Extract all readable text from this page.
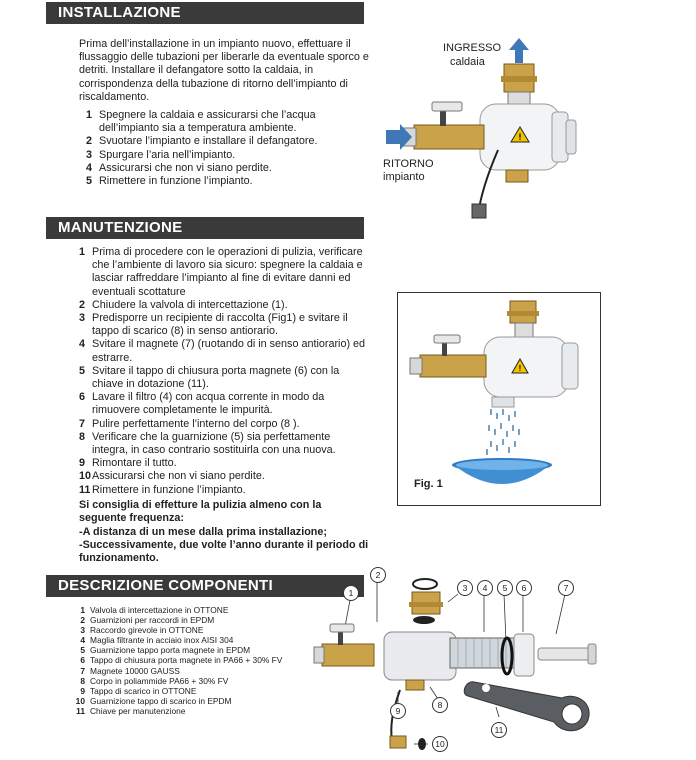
INSTALLAZIONE
Prima dell’installazione in un impianto nuovo, effettuare il flussaggio delle tubazioni per liberarle da eventuale sporco e detriti. Installare il defangatore sotto la caldaia, in corrispondenza della tubazione di ritorno dell’impianto di riscaldamento.
1 Spegnere la caldaia e assicurarsi che l’acqua dell’impianto sia a temperatura ambiente.
2 Svuotare l’impianto e installare il defangatore.
3 Spurgare l’aria nell’impianto.
4 Assicurarsi che non vi siano perdite.
5 Rimettere in funzione l’impianto.
!
INGRESSO
caldaia
RITORNO
impianto
MANUTENZIONE
1 Prima di procedere con le operazioni di pulizia, verificare che l’ambiente di lavoro sia sicuro: spegnere la caldaia e lasciar raffreddare l’impianto al fine di evitare danni ed eventuali scottature
2 Chiudere la valvola di intercettazione (1).
3 Predisporre un recipiente di raccolta (Fig1) e svitare il tappo di scarico (8) in senso antiorario.
4 Svitare il magnete (7) (ruotando di in senso antiorario) ed estrarre.
5 Svitare il tappo di chiusura porta magnete (6) con la chiave in dotazione (11).
6 Lavare il filtro (4) con acqua corrente in modo da rimuovere completamente le impurità.
7 Pulire perfettamente l’interno del corpo (8 ).
8 Verificare che la guarnizione (5) sia perfettamente integra, in caso contrario sostituirla con una nuova.
9 Rimontare il tutto.
10 Assicurarsi che non vi siano perdite.
11 Rimettere in funzione l’impianto.
Si consiglia di effetture la pulizia almeno con la seguente frequenza:
-A distanza di un mese dalla prima installazione;
-Successivamente, due volte l’anno durante il periodo di funzionamento.
!
Fig. 1
DESCRIZIONE COMPONENTI
1 Valvola di intercettazione in OTTONE
2 Guarnizioni per raccordi in EPDM
3 Raccordo girevole in OTTONE
4 Maglia filtrante in acciaio inox AISI 304
5 Guarnizione tappo porta magnete in EPDM
6 Tappo di chiusura porta magnete in PA66 + 30% FV
7 Magnete 10000 GAUSS
8 Corpo in poliammide PA66 + 30% FV
9 Tappo di scarico in OTTONE
10 Guarnizione tappo di scarico in EPDM
11 Chiave per manutenzione
1
2
3	4	5	6	7
8
9
10
11
